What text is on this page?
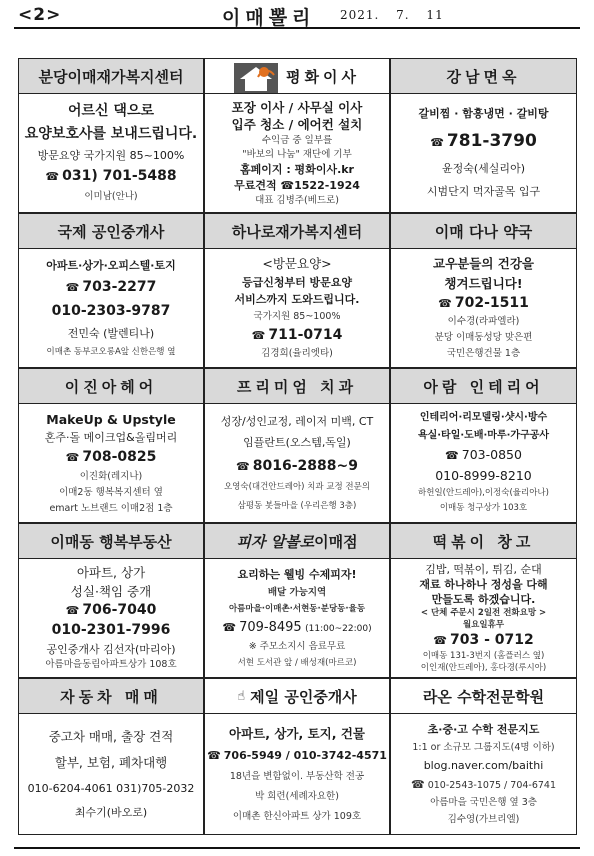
<2>	이매뽈리 2021. 7. 11
분당이매재가복지센터
어르신 댁으로
요양보호사를 보내드립니다.
방문요양 국가지원 85~100%
☎ 031) 701-5488
이미남(안나)
평화이사
포장 이사 / 사무실 이사
입주 청소 / 에어컨 설치
수익금 중 일부를
"바보의 나눔" 재단에 기부
홈페이지 : 평화이사.kr
무료견적 ☎1522-1924
대표 김병주(베드로)
강남면옥
갈비찜 · 함흥냉면 · 갈비탕
☎ 781-3790
윤정숙(세실리아)
시범단지 먹자골목 입구
국제 공인중개사
아파트·상가·오피스텔·토지
☎ 703-2277
010-2303-9787
전민숙 (발렌티나)
이매촌 동부코오롱A앞 신한은행 옆
하나로재가복지센터
<방문요양>
등급신청부터 방문요양
서비스까지 도와드립니다.
국가지원 85~100%
☎ 711-0714
김경희(율리엣타)
이매 다나 약국
교우분들의 건강을
챙겨드립니다!
☎ 702-1511
이수경(라파엘라)
분당 이매동성당 맞은편
국민은행건물 1층
이진아헤어
MakeUp & Upstyle
혼주·돌 메이크업&올림머리
☎ 708-0825
이진화(레지나)
이매2동 행복복지센터 옆
emart 노브랜드 이매2점 1층
프리미엄 치과
성장/성인교정, 레이저 미백, CT
임플란트(오스템,독일)
☎ 8016-2888~9
오영숙(대건안드레아) 치과 교정 전문의
삼평동 봇들마을 (우리은행 3층)
아람 인테리어
인테리어·리모델링·샷시·방수
욕실·타일·도배·마루·가구공사
☎ 703-0850
010-8999-8210
하헌일(안드레아),이정숙(율리아나)
이매동 청구상가 103호
이매동 행복부동산
아파트, 상가
성실·책임 중개
☎ 706-7040
010-2301-7996
공인중개사 김선자(마리아)
아름마을동림아파트상가 108호
피자 알볼로 이매점
요리하는 웰빙 수제피자!
배달 가능지역
아름마을·이매촌·서현동·분당동·율동
☎ 709-8495 (11:00~22:00)
※ 주모소지시 음료무료
서현 도서관 앞 / 배성재(마르코)
떡볶이 창고
김밥, 떡볶이, 튀김, 순대
재료 하나하나 정성을 다해
만들도록 하겠습니다.
< 단체 주문시 2일전 전화요망 >
월요일휴무
☎ 703 - 0712
이매동 131-3번지 (홈플러스 옆)
이인재(안드레아), 홍다경(루시아)
자동차 매매
중고차 매매, 출장 견적
할부, 보험, 폐차대행
010-6204-4061 031)705-2032
최수기(바오로)
☝ 제일 공인중개사
아파트, 상가, 토지, 건물
☎ 706-5949 / 010-3742-4571
18년을 변함없이. 부동산학 전공
박 희련(세례자요한)
이매촌 한신아파트 상가 109호
라온 수학전문학원
초·중·고 수학 전문지도
1:1 or 소규모 그룹지도(4명 이하)
blog.naver.com/baithi
☎ 010-2543-1075 / 704-6741
아름마을 국민은행 옆 3층
김수영(가브리엘)
